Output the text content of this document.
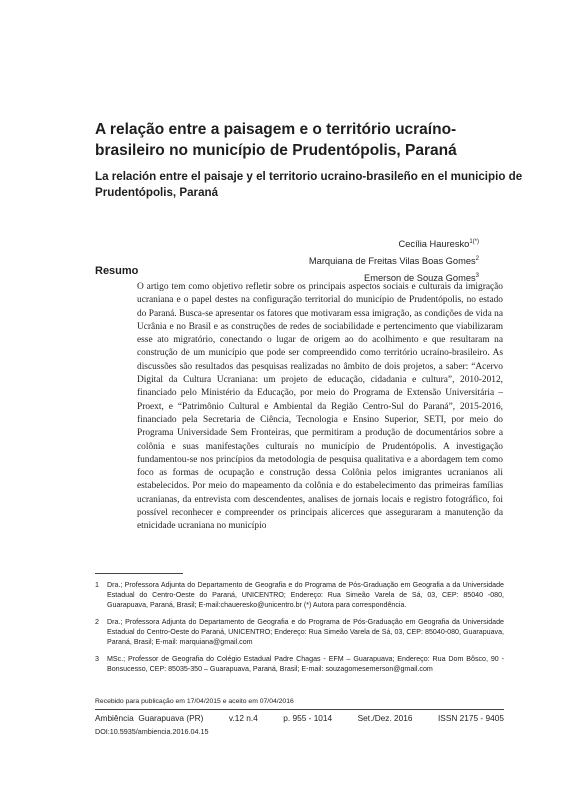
A relação entre a paisagem e o território ucraíno-brasileiro no município de Prudentópolis, Paraná
La relación entre el paisaje y el territorio ucraino-brasileño en el municipio de Prudentópolis, Paraná
Cecília Hauresko$^{1(*)}$
Marquiana de Freitas Vilas Boas Gomes$^2$
Emerson de Souza Gomes$^3$
Resumo
O artigo tem como objetivo refletir sobre os principais aspectos sociais e culturais da imigração ucraniana e o papel destes na configuração territorial do município de Prudentópolis, no estado do Paraná. Busca-se apresentar os fatores que motivaram essa imigração, as condições de vida na Ucrânia e no Brasil e as construções de redes de sociabilidade e pertencimento que viabilizaram esse ato migratório, conectando o lugar de origem ao do acolhimento e que resultaram na construção de um município que pode ser compreendido como território ucraíno-brasileiro. As discussões são resultados das pesquisas realizadas no âmbito de dois projetos, a saber: “Acervo Digital da Cultura Ucraniana: um projeto de educação, cidadania e cultura”, 2010-2012, financiado pelo Ministério da Educação, por meio do Programa de Extensão Universitária – Proext, e “Patrimônio Cultural e Ambiental da Região Centro-Sul do Paraná”, 2015-2016, financiado pela Secretaria de Ciência, Tecnologia e Ensino Superior, SETI, por meio do Programa Universidade Sem Fronteiras, que permitiram a produção de documentários sobre a colônia e suas manifestações culturais no município de Prudentópolis. A investigação fundamentou-se nos princípios da metodologia de pesquisa qualitativa e a abordagem tem como foco as formas de ocupação e construção dessa Colônia pelos imigrantes ucranianos ali estabelecidos. Por meio do mapeamento da colônia e do estabelecimento das primeiras famílias ucranianas, da entrevista com descendentes, analises de jornais locais e registro fotográfico, foi possível reconhecer e compreender os principais alicerces que asseguraram a manutenção da etnicidade ucraniana no município
1	Dra.; Professora Adjunta do Departamento de Geografia e do Programa de Pós-Graduação em Geografia a da Universidade Estadual do Centro-Oeste do Paraná, UNICENTRO; Endereço: Rua Simeão Varela de Sá, 03, CEP: 85040 -080, Guarapuava, Paraná, Brasil; E-mail:chaueresko@unicentro.br (*) Autora para correspondência.
2	Dra.; Professora Adjunta do Departamento de Geografia e do Programa de Pós-Graduação em Geografia da Universidade Estadual do Centro-Oeste do Paraná, UNICENTRO; Endereço: Rua Simeão Varela de Sá, 03, CEP: 85040-080, Guarapuava, Paraná, Brasil; E-mail: marquiana@gmail.com
3	MSc.; Professor de Geografia do Colégio Estadual Padre Chagas - EFM – Guarapuava; Endereço: Rua Dom Bôsco, 90 - Bonsucesso, CEP: 85035-350 – Guarapuava, Paraná, Brasil; E-mail: souzagomesemerson@gmail.com
Recebido para publicação em 17/04/2015 e aceito em 07/04/2016
Ambiência Guarapuava (PR)	v.12 n.4	p. 955 - 1014	Set./Dez. 2016	ISSN 2175 - 9405
DOI:10.5935/ambiencia.2016.04.15
